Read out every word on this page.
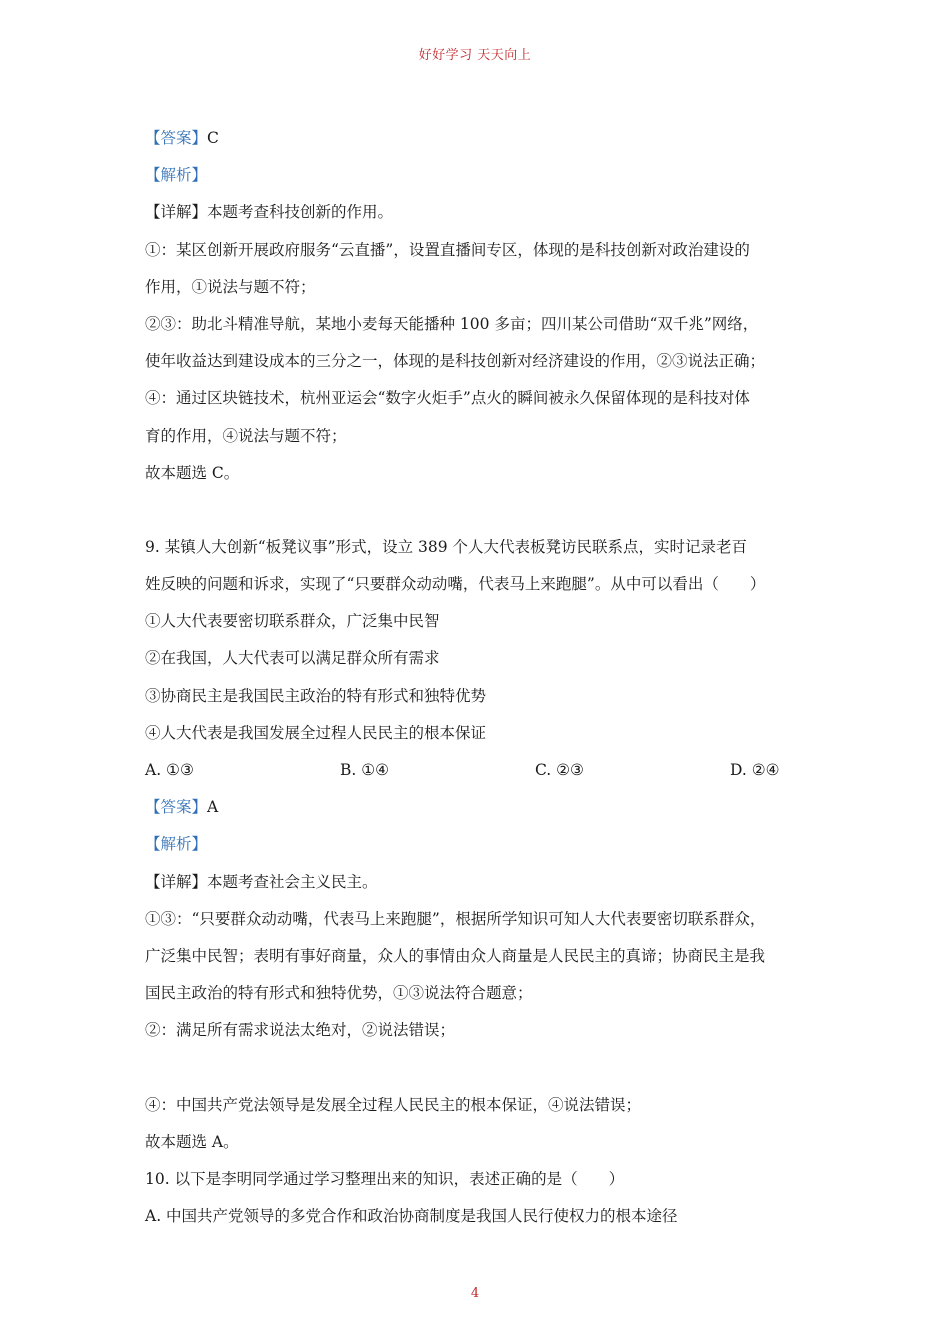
好好学习 天天向上
【答案】C
【解析】
【详解】本题考查科技创新的作用。
①：某区创新开展政府服务“云直播”，设置直播间专区，体现的是科技创新对政治建设的
作用，①说法与题不符；
②③：助北斗精准导航，某地小麦每天能播种 100 多亩；四川某公司借助“双千兆”网络，
使年收益达到建设成本的三分之一，体现的是科技创新对经济建设的作用，②③说法正确；
④：通过区块链技术，杭州亚运会“数字火炬手”点火的瞬间被永久保留体现的是科技对体
育的作用，④说法与题不符；
故本题选 C。
9. 某镇人大创新“板凳议事”形式，设立 389 个人大代表板凳访民联系点，实时记录老百
姓反映的问题和诉求，实现了“只要群众动动嘴，代表马上来跑腿”。从中可以看出（　　）
①人大代表要密切联系群众，广泛集中民智
②在我国，人大代表可以满足群众所有需求
③协商民主是我国民主政治的特有形式和独特优势
④人大代表是我国发展全过程人民民主的根本保证
A. ①③	B. ①④	C. ②③	D. ②④
【答案】A
【解析】
【详解】本题考查社会主义民主。
①③：“只要群众动动嘴，代表马上来跑腿”，根据所学知识可知人大代表要密切联系群众，
广泛集中民智；表明有事好商量，众人的事情由众人商量是人民民主的真谛；协商民主是我
国民主政治的特有形式和独特优势，①③说法符合题意；
②：满足所有需求说法太绝对，②说法错误；
④：中国共产党法领导是发展全过程人民民主的根本保证，④说法错误；
故本题选 A。
10. 以下是李明同学通过学习整理出来的知识，表述正确的是（　　）
A. 中国共产党领导的多党合作和政治协商制度是我国人民行使权力的根本途径
4
